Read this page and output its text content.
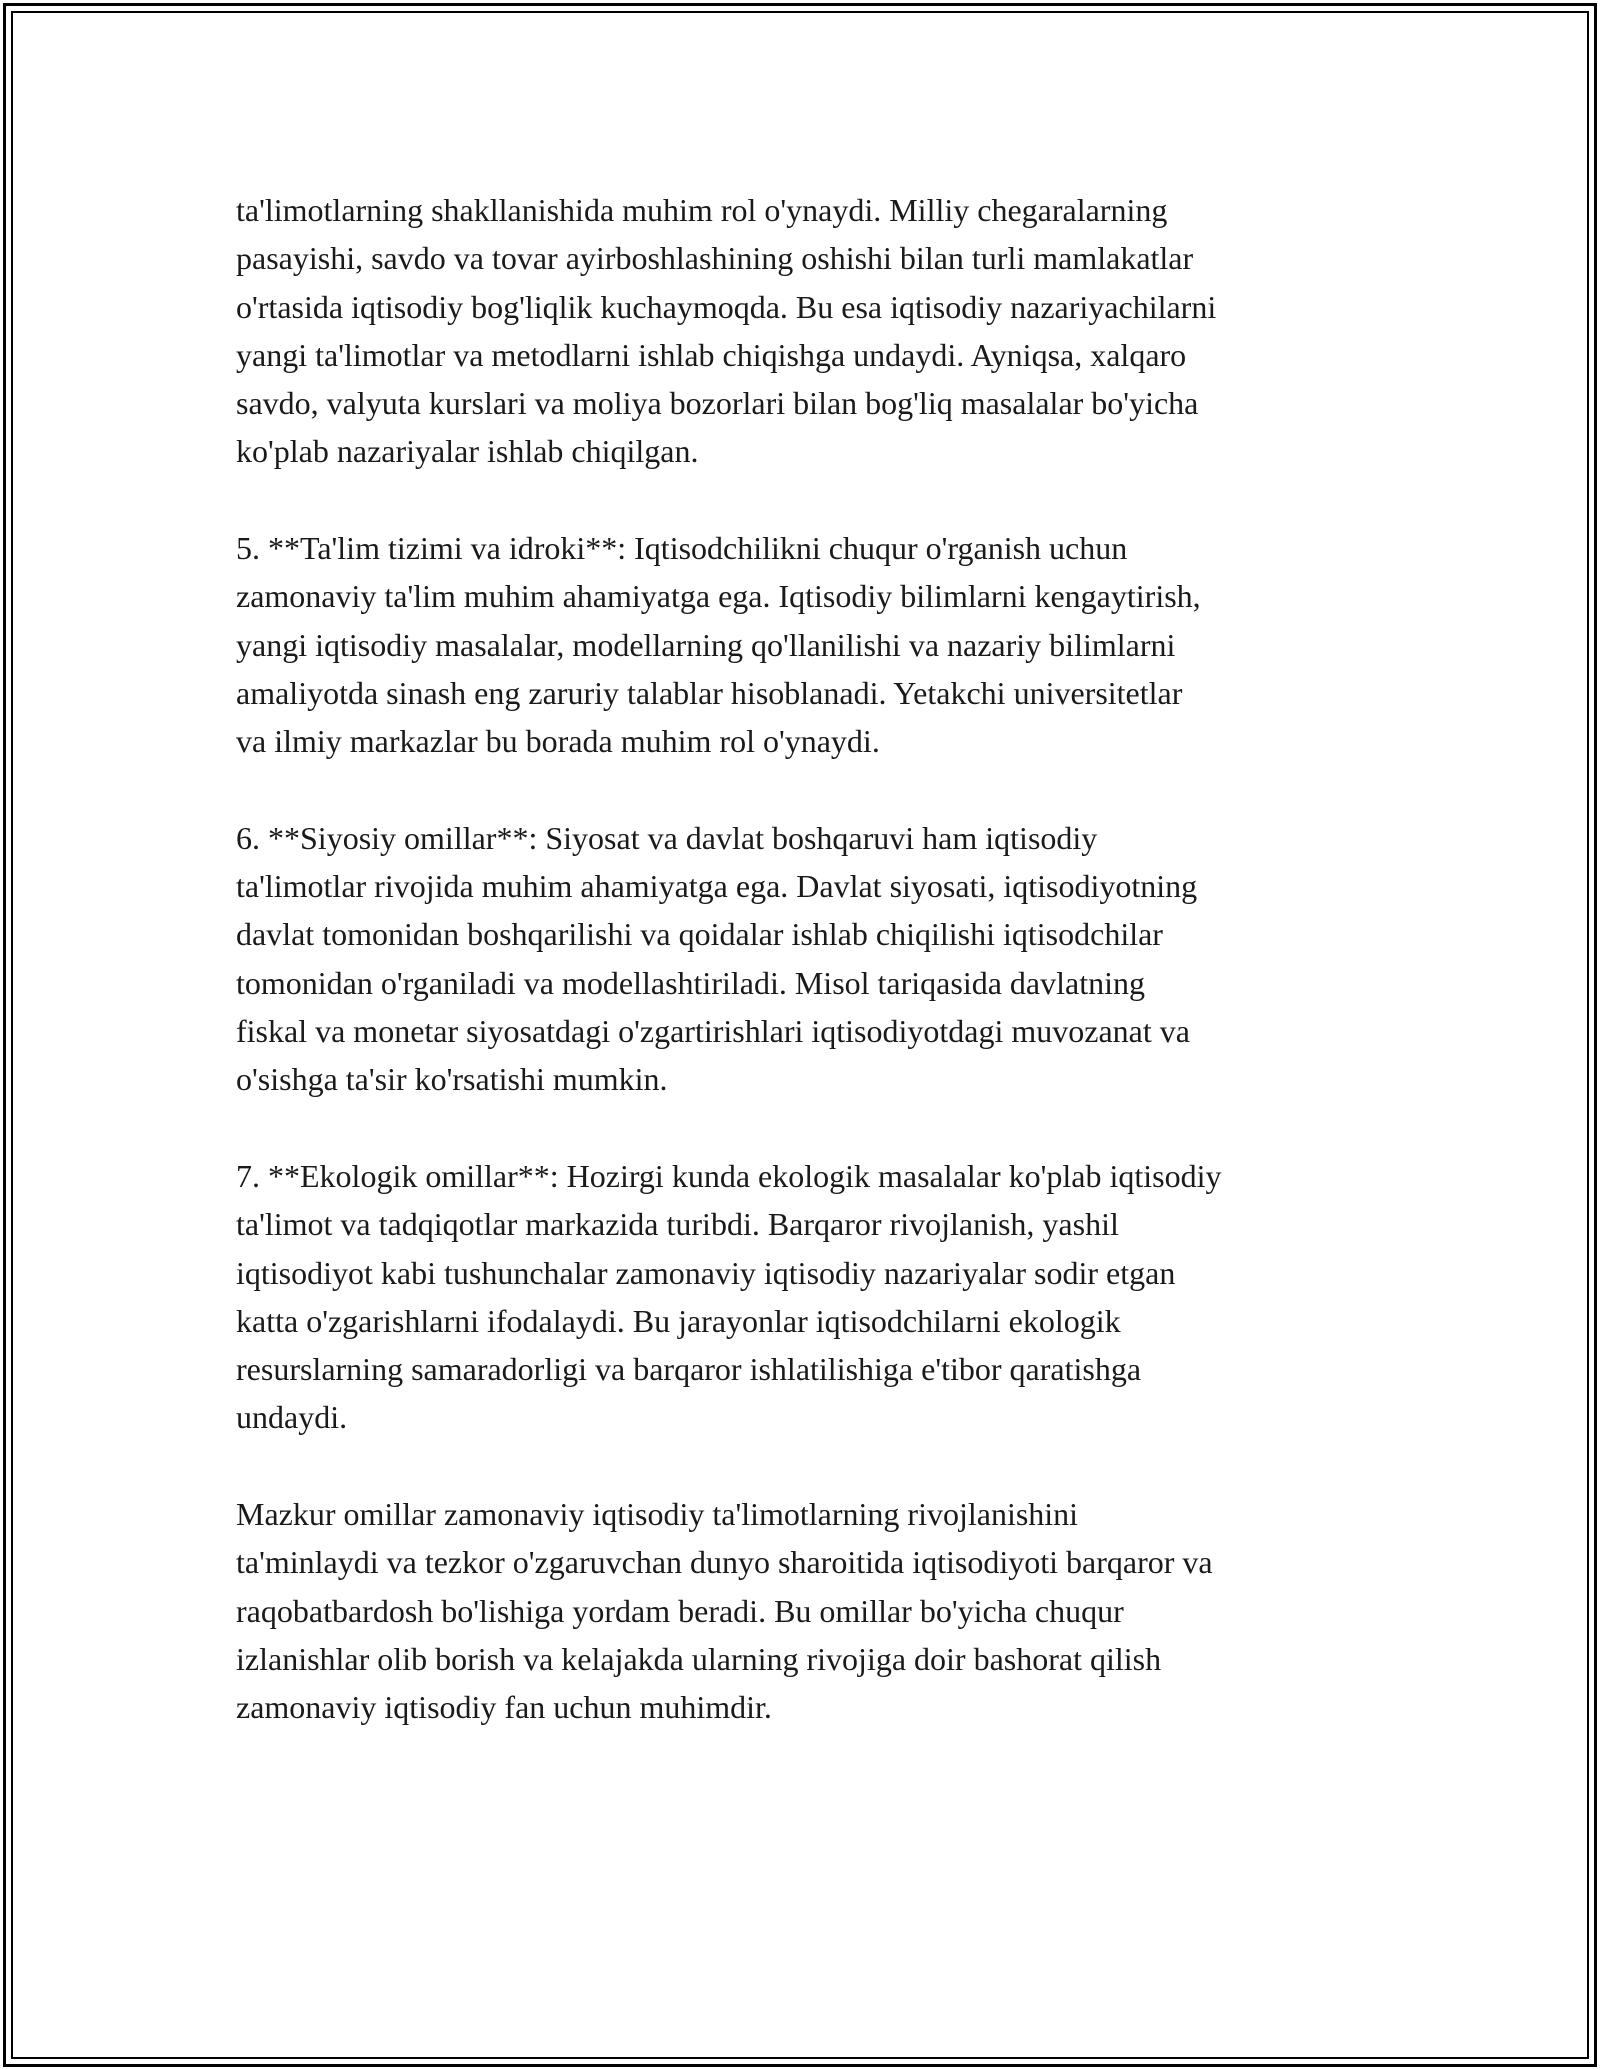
ta'limotlarning shakllanishida muhim rol o'ynaydi. Milliy chegaralarning
pasayishi, savdo va tovar ayirboshlashining oshishi bilan turli mamlakatlar
o'rtasida iqtisodiy bog'liqlik kuchaymoqda. Bu esa iqtisodiy nazariyachilarni
yangi ta'limotlar va metodlarni ishlab chiqishga undaydi. Ayniqsa, xalqaro
savdo, valyuta kurslari va moliya bozorlari bilan bog'liq masalalar bo'yicha
ko'plab nazariyalar ishlab chiqilgan.

5. **Ta'lim tizimi va idroki**: Iqtisodchilikni chuqur o'rganish uchun
zamonaviy ta'lim muhim ahamiyatga ega. Iqtisodiy bilimlarni kengaytirish,
yangi iqtisodiy masalalar, modellarning qo'llanilishi va nazariy bilimlarni
amaliyotda sinash eng zaruriy talablar hisoblanadi. Yetakchi universitetlar
va ilmiy markazlar bu borada muhim rol o'ynaydi.

6. **Siyosiy omillar**: Siyosat va davlat boshqaruvi ham iqtisodiy
ta'limotlar rivojida muhim ahamiyatga ega. Davlat siyosati, iqtisodiyotning
davlat tomonidan boshqarilishi va qoidalar ishlab chiqilishi iqtisodchilar
tomonidan o'rganiladi va modellashtiriladi. Misol tariqasida davlatning
fiskal va monetar siyosatdagi o'zgartirishlari iqtisodiyotdagi muvozanat va
o'sishga ta'sir ko'rsatishi mumkin.

7. **Ekologik omillar**: Hozirgi kunda ekologik masalalar ko'plab iqtisodiy
ta'limot va tadqiqotlar markazida turibdi. Barqaror rivojlanish, yashil
iqtisodiyot kabi tushunchalar zamonaviy iqtisodiy nazariyalar sodir etgan
katta o'zgarishlarni ifodalaydi. Bu jarayonlar iqtisodchilarni ekologik
resurslarning samaradorligi va barqaror ishlatilishiga e'tibor qaratishga
undaydi.

Mazkur omillar zamonaviy iqtisodiy ta'limotlarning rivojlanishini
ta'minlaydi va tezkor o'zgaruvchan dunyo sharoitida iqtisodiyoti barqaror va
raqobatbardosh bo'lishiga yordam beradi. Bu omillar bo'yicha chuqur
izlanishlar olib borish va kelajakda ularning rivojiga doir bashorat qilish
zamonaviy iqtisodiy fan uchun muhimdir.
